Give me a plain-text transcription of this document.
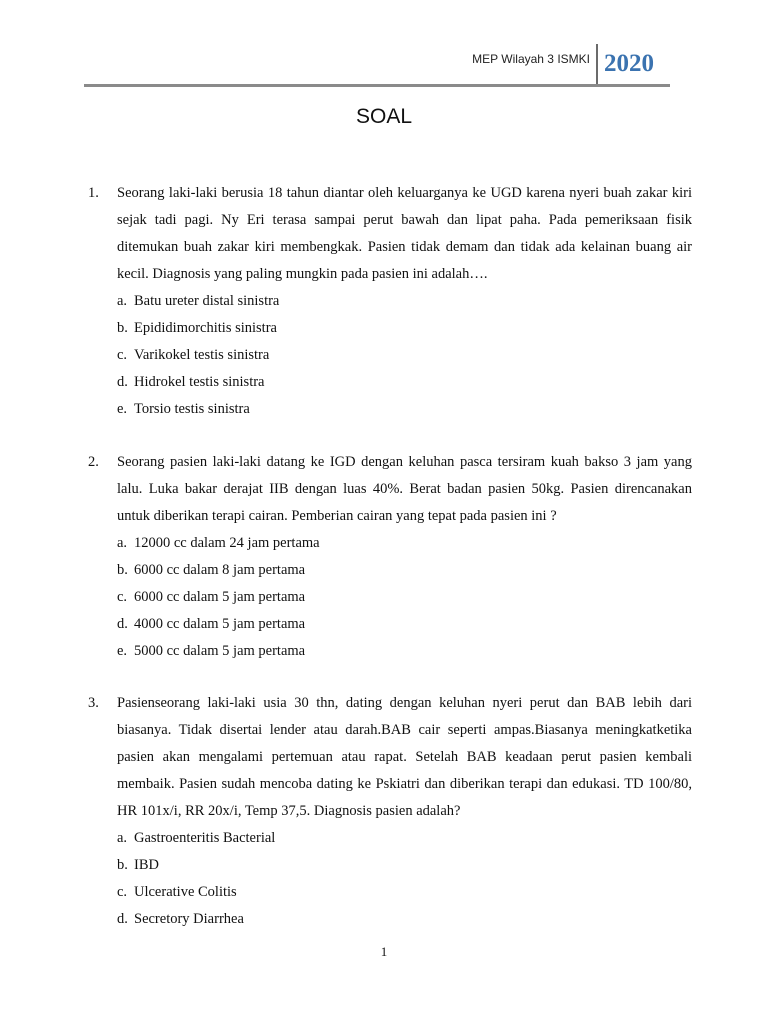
MEP Wilayah 3 ISMKI 2020
SOAL
1. Seorang laki-laki berusia 18 tahun diantar oleh keluarganya ke UGD karena nyeri buah zakar kiri sejak tadi pagi. Ny Eri terasa sampai perut bawah dan lipat paha. Pada pemeriksaan fisik ditemukan buah zakar kiri membengkak. Pasien tidak demam dan tidak ada kelainan buang air kecil. Diagnosis yang paling mungkin pada pasien ini adalah….
a. Batu ureter distal sinistra
b. Epididimorchitis sinistra
c. Varikokel testis sinistra
d. Hidrokel testis sinistra
e. Torsio testis sinistra
2. Seorang pasien laki-laki datang ke IGD dengan keluhan pasca tersiram kuah bakso 3 jam yang lalu. Luka bakar derajat IIB dengan luas 40%. Berat badan pasien 50kg. Pasien direncanakan untuk diberikan terapi cairan. Pemberian cairan yang tepat pada pasien ini ?
a. 12000 cc dalam 24 jam pertama
b. 6000 cc dalam 8 jam pertama
c. 6000 cc dalam 5 jam pertama
d. 4000 cc dalam 5 jam pertama
e. 5000 cc dalam 5 jam pertama
3. Pasienseorang laki-laki usia 30 thn, dating dengan keluhan nyeri perut dan BAB lebih dari biasanya. Tidak disertai lender atau darah.BAB cair seperti ampas.Biasanya meningkatketika pasien akan mengalami pertemuan atau rapat. Setelah BAB keadaan perut pasien kembali membaik. Pasien sudah mencoba dating ke Pskiatri dan diberikan terapi dan edukasi. TD 100/80, HR 101x/i, RR 20x/i, Temp 37,5. Diagnosis pasien adalah?
a. Gastroenteritis Bacterial
b. IBD
c. Ulcerative Colitis
d. Secretory Diarrhea
1
